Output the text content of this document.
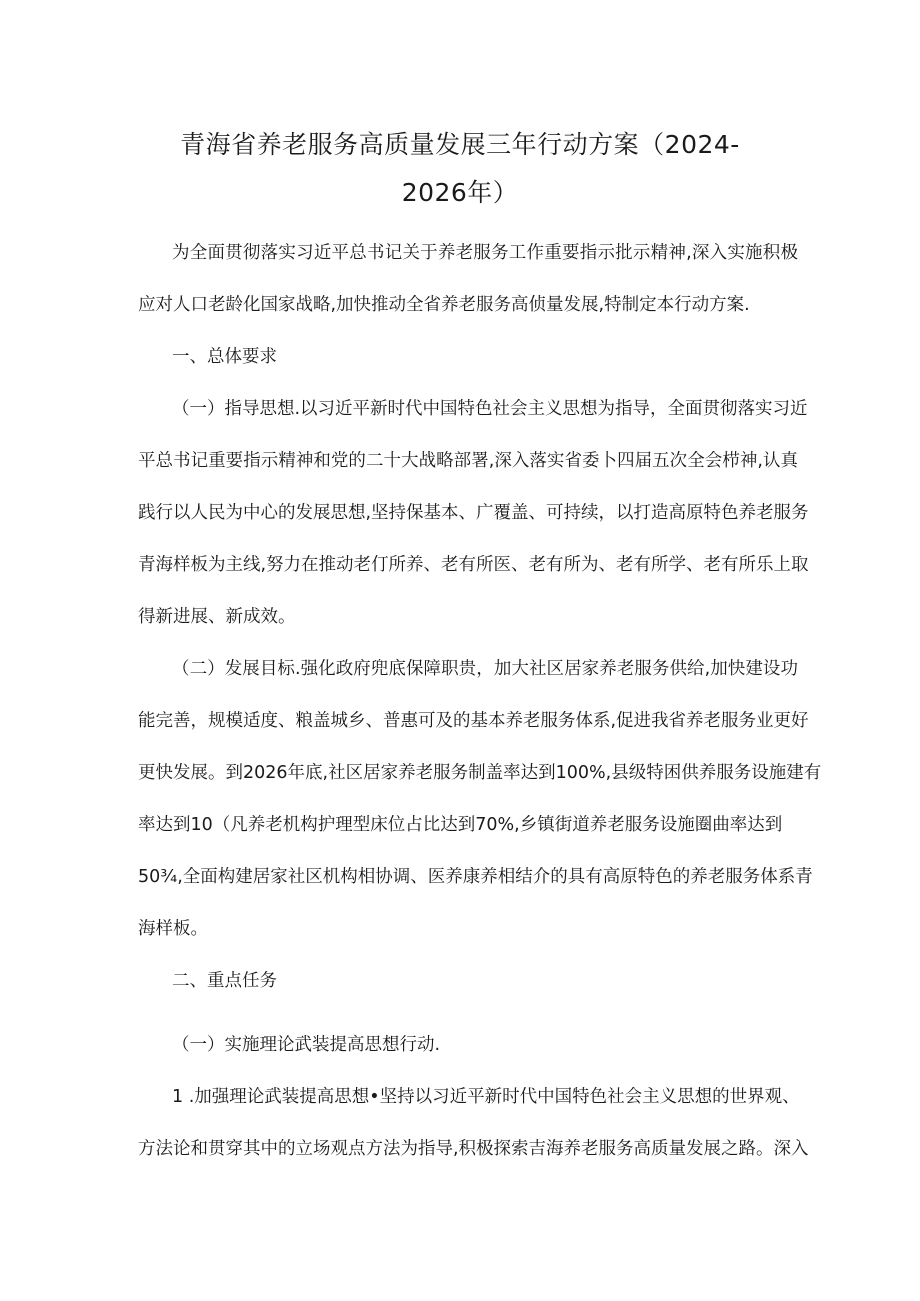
青海省养老服务高质量发展三年行动方案（2024-
2026年）
为全面贯彻落实习近平总书记关于养老服务工作重要指示批示精神,深入实施积极
应对人口老龄化国家战略,加快推动全省养老服务高侦量发展,特制定本行动方案.
一、总体要求
（一）指导思想.以习近平新时代中国特色社会主义思想为指导，全面贯彻落实习近
平总书记重要指示精神和党的二十大战略部署,深入落实省委卜四届五次全会栉神,认真
践行以人民为中心的发展思想,坚持保基本、广覆盖、可持续，以打造高原特色养老服务
青海样板为主线,努力在推动老仃所养、老有所医、老有所为、老有所学、老有所乐上取
得新进展、新成效。
（二）发展目标.强化政府兜底保障职贵，加大社区居家养老服务供给,加快建设功
能完善，规模适度、粮盖城乡、普惠可及的基本养老服务体系,促进我省养老服务业更好
更快发展。到2026年底,社区居家养老服务制盖率达到100%,县级特困供养服务设施建有
率达到10（凡养老机构护理型床位占比达到70%,乡镇街道养老服务设施圈曲率达到
50¾,全面构建居家社区机构相协调、医养康养相结介的具有高原特色的养老服务体系青
海样板。
二、重点任务
（一）实施理论武装提高思想行动.
1 .加强理论武装提高思想•坚持以习近平新时代中国特色社会主义思想的世界观、
方法论和贯穿其中的立场观点方法为指导,积极探索吉海养老服务高质量发展之路。深入
